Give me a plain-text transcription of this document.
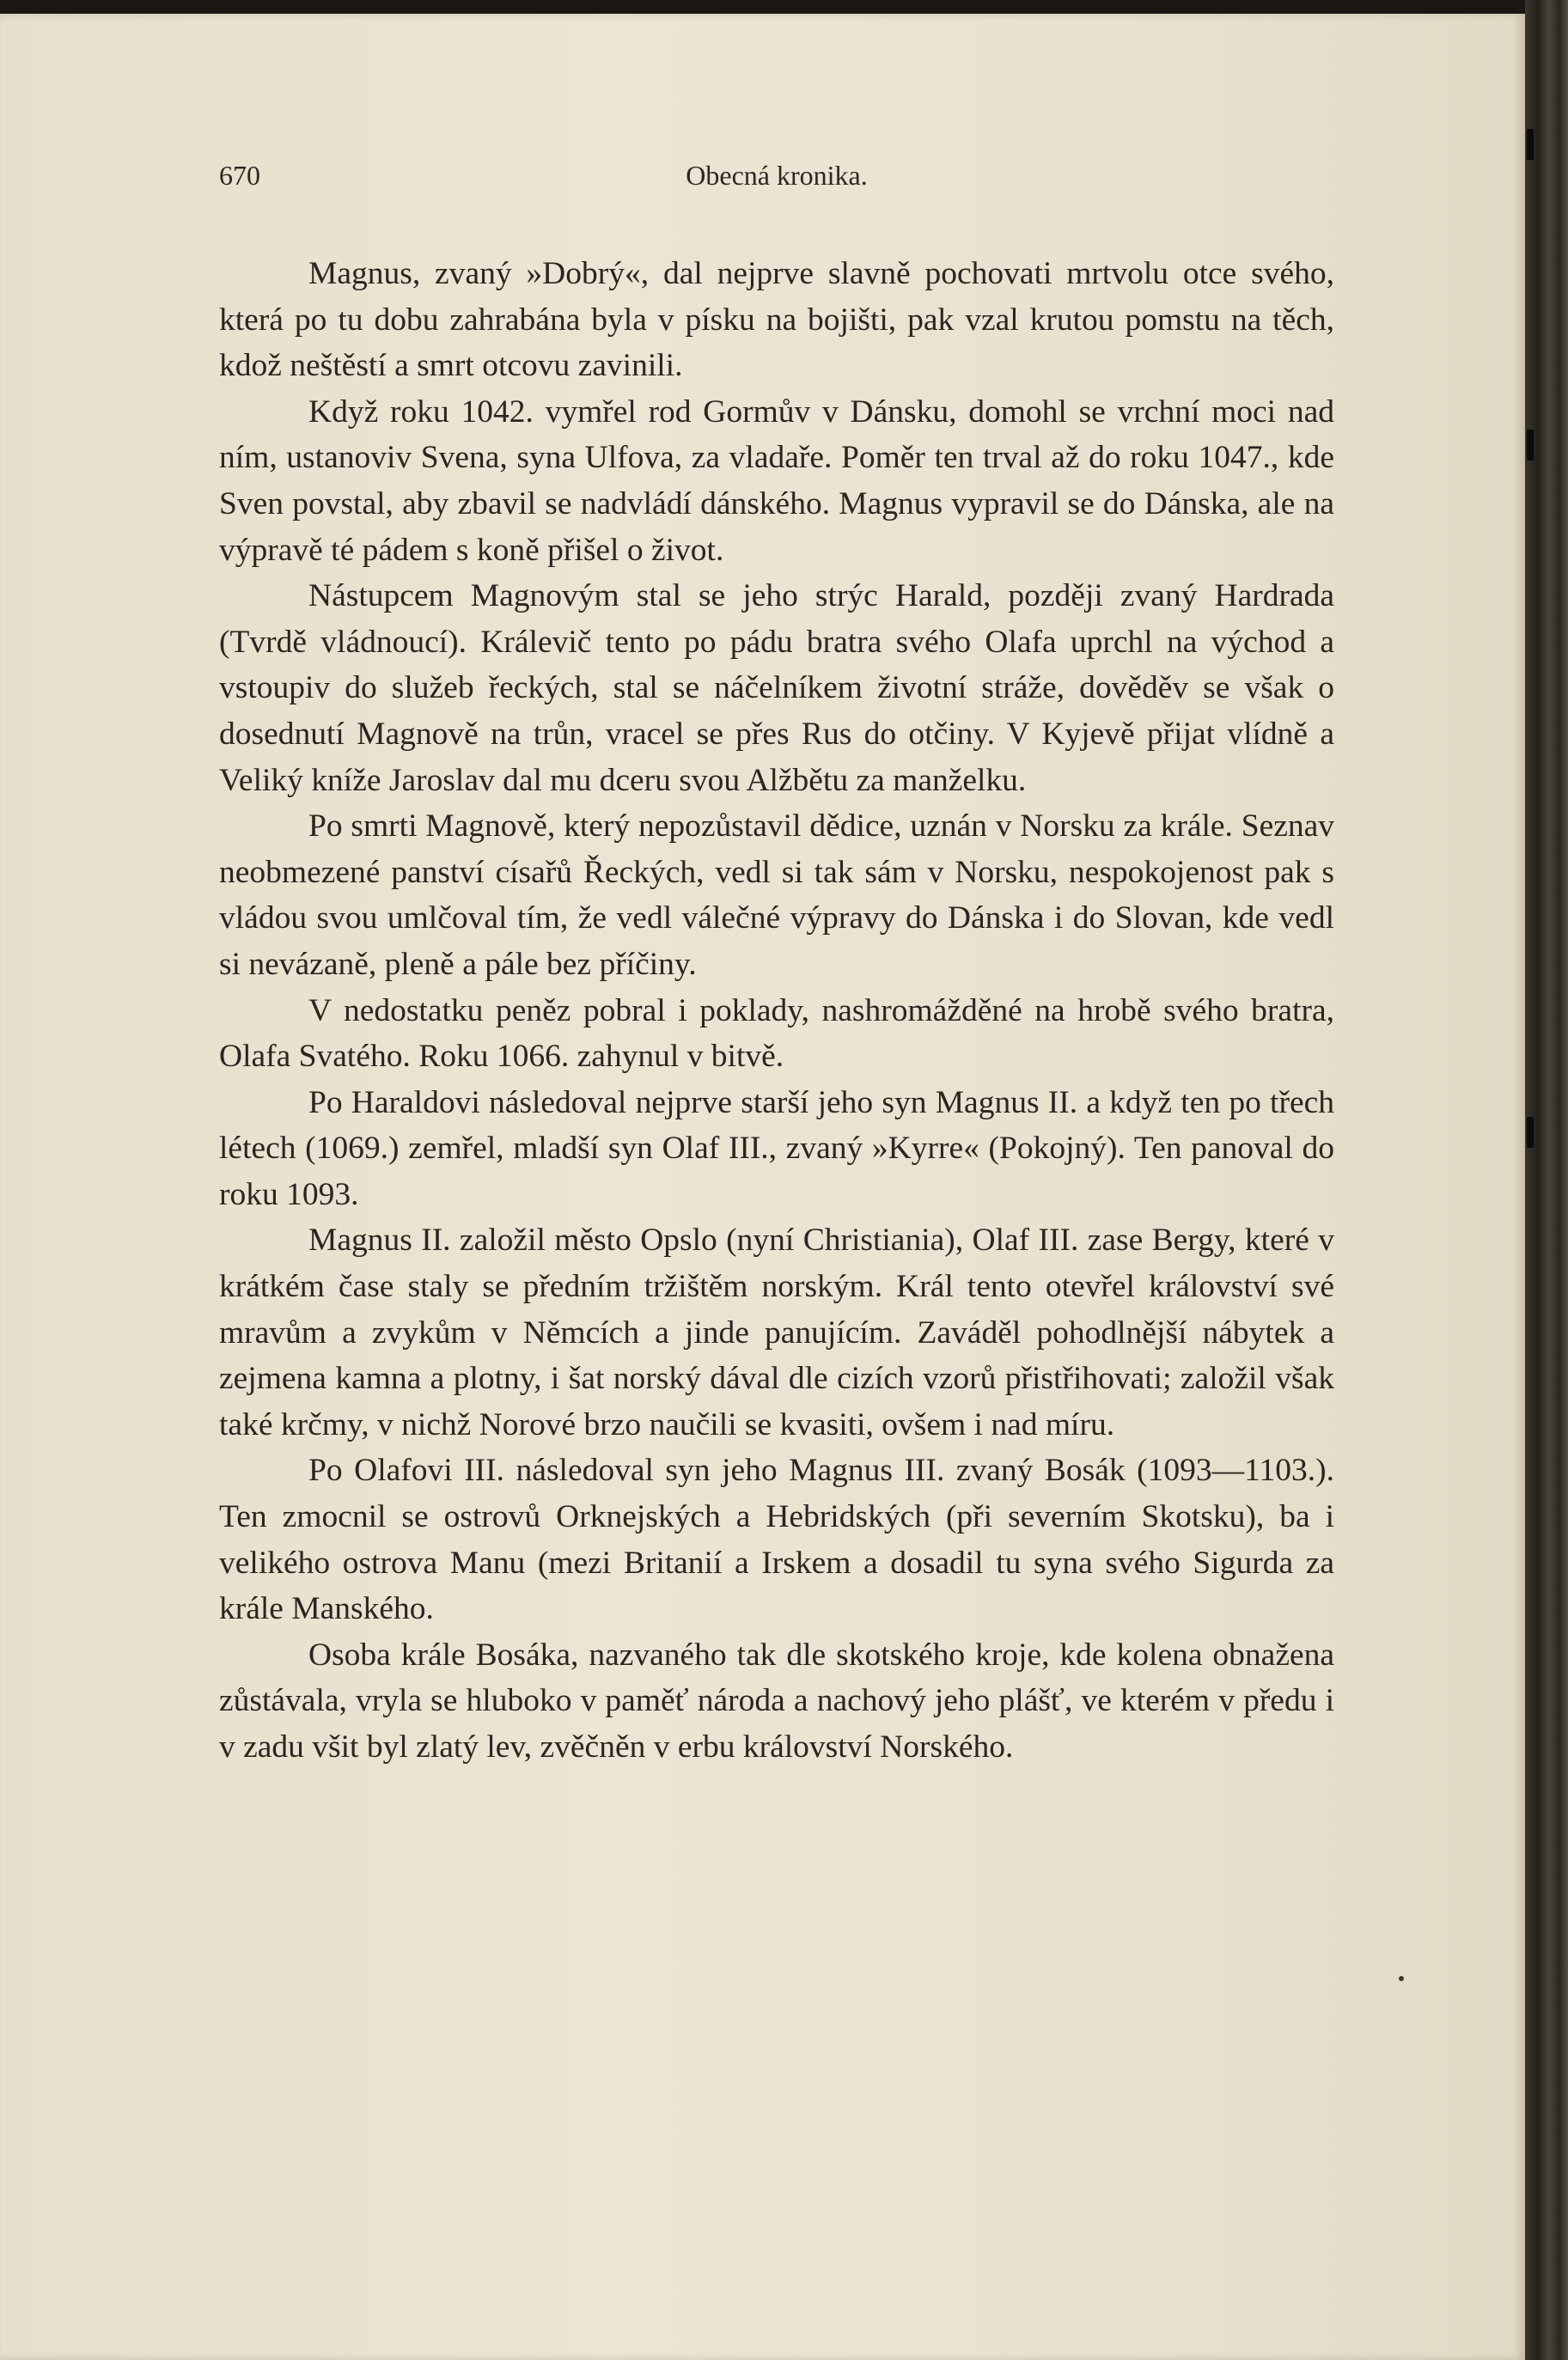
670	Obecná kronika.

Magnus, zvaný »Dobrý«, dal nejprve slavně pochovati mrtvolu otce svého, která po tu dobu zahrabána byla v písku na bojišti, pak vzal krutou pomstu na těch, kdož neštěstí a smrt otcovu zavinili.

Když roku 1042. vymřel rod Gormův v Dánsku, domohl se vrchní moci nad ním, ustanoviv Svena, syna Ulfova, za vladaře. Poměr ten trval až do roku 1047., kde Sven povstal, aby zbavil se nadvládí dánského. Magnus vypravil se do Dánska, ale na výpravě té pádem s koně přišel o život.

Nástupcem Magnovým stal se jeho strýc Harald, později zvaný Hardrada (Tvrdě vládnoucí). Králevič tento po pádu bratra svého Olafa uprchl na východ a vstoupiv do služeb řeckých, stal se náčelníkem životní stráže, dověděv se však o dosednutí Magnově na trůn, vracel se přes Rus do otčiny. V Kyjevě přijat vlídně a Veliký kníže Jaroslav dal mu dceru svou Alžbětu za manželku.

Po smrti Magnově, který nepozůstavil dědice, uznán v Norsku za krále. Seznav neobmezené panství císařů Řeckých, vedl si tak sám v Norsku, nespokojenost pak s vládou svou umlčoval tím, že vedl válečné výpravy do Dánska i do Slovan, kde vedl si nevázaně, pleně a pále bez příčiny.

V nedostatku peněz pobral i poklady, nashromážděné na hrobě svého bratra, Olafa Svatého. Roku 1066. zahynul v bitvě.

Po Haraldovi následoval nejprve starší jeho syn Magnus II. a když ten po třech létech (1069.) zemřel, mladší syn Olaf III., zvaný »Kyrre« (Pokojný). Ten panoval do roku 1093.

Magnus II. založil město Opslo (nyní Christiania), Olaf III. zase Bergy, které v krátkém čase staly se předním tržištěm norským. Král tento otevřel království své mravům a zvykům v Němcích a jinde panujícím. Zaváděl pohodlnější nábytek a zejmena kamna a plotny, i šat norský dával dle cizích vzorů přistřihovati; založil však také krčmy, v nichž Norové brzo naučili se kvasiti, ovšem i nad míru.

Po Olafovi III. následoval syn jeho Magnus III. zvaný Bosák (1093—1103.). Ten zmocnil se ostrovů Orknejských a Hebridských (při severním Skotsku), ba i velikého ostrova Manu (mezi Britanií a Irskem a dosadil tu syna svého Sigurda za krále Manského.

Osoba krále Bosáka, nazvaného tak dle skotského kroje, kde kolena obnažena zůstávala, vryla se hluboko v paměť národa a nachový jeho plášť, ve kterém v předu i v zadu všit byl zlatý lev, zvěčněn v erbu království Norského.
